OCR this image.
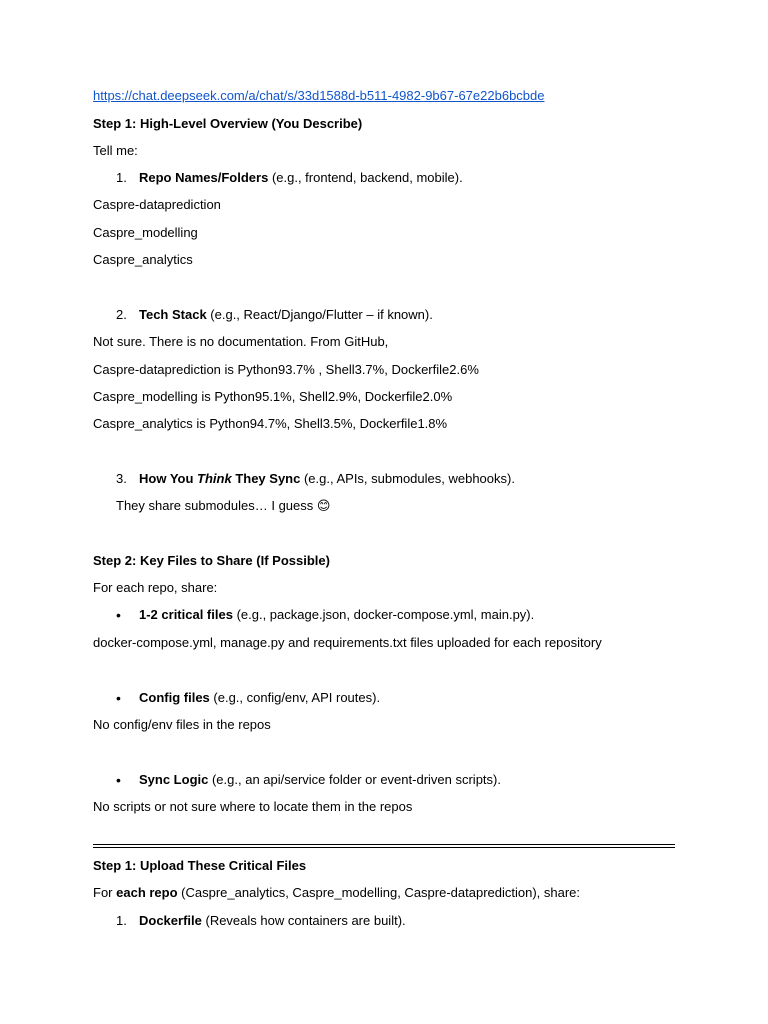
https://chat.deepseek.com/a/chat/s/33d1588d-b511-4982-9b67-67e22b6bcbde
Step 1: High-Level Overview (You Describe)
Tell me:
1. Repo Names/Folders (e.g., frontend, backend, mobile).
Caspre-dataprediction
Caspre_modelling
Caspre_analytics
2. Tech Stack (e.g., React/Django/Flutter – if known).
Not sure. There is no documentation. From GitHub,
Caspre-dataprediction is Python93.7% , Shell3.7%, Dockerfile2.6%
Caspre_modelling is Python95.1%, Shell2.9%, Dockerfile2.0%
Caspre_analytics is Python94.7%, Shell3.5%, Dockerfile1.8%
3. How You Think They Sync (e.g., APIs, submodules, webhooks).
They share submodules… I guess 😊
Step 2: Key Files to Share (If Possible)
For each repo, share:
• 1-2 critical files (e.g., package.json, docker-compose.yml, main.py).
docker-compose.yml, manage.py and requirements.txt files uploaded for each repository
• Config files (e.g., config/env, API routes).
No config/env files in the repos
• Sync Logic (e.g., an api/service folder or event-driven scripts).
No scripts or not sure where to locate them in the repos
Step 1: Upload These Critical Files
For each repo (Caspre_analytics, Caspre_modelling, Caspre-dataprediction), share:
1. Dockerfile (Reveals how containers are built).
